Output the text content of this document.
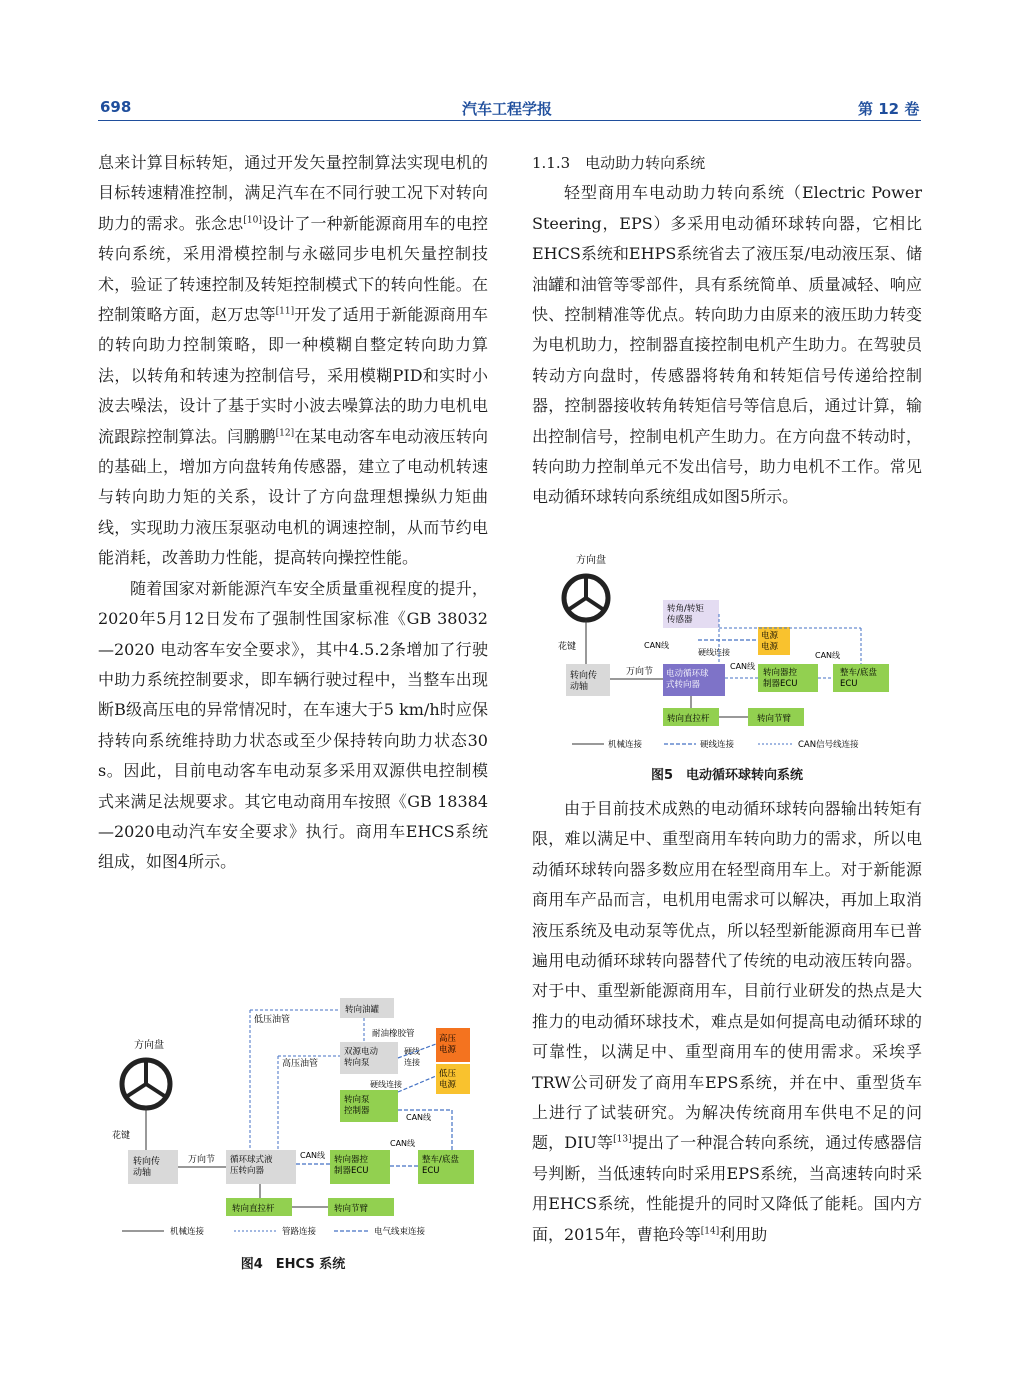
698	汽车工程学报	第 12 卷

息来计算目标转矩，通过开发矢量控制算法实现电机的目标转速精准控制，满足汽车在不同行驶工况下对转向助力的需求。张念忠[10]设计了一种新能源商用车的电控转向系统，采用滑模控制与永磁同步电机矢量控制技术，验证了转速控制及转矩控制模式下的转向性能。在控制策略方面，赵万忠等[11]开发了适用于新能源商用车的转向助力控制策略，即一种模糊自整定转向助力算法，以转角和转速为控制信号，采用模糊PID和实时小波去噪法，设计了基于实时小波去噪算法的助力电机电流跟踪控制算法。闫鹏鹏[12]在某电动客车电动液压转向的基础上，增加方向盘转角传感器，建立了电动机转速与转向助力矩的关系，设计了方向盘理想操纵力矩曲线，实现助力液压泵驱动电机的调速控制，从而节约电能消耗，改善助力性能，提高转向操控性能。

随着国家对新能源汽车安全质量重视程度的提升，2020年5月12日发布了强制性国家标准《GB 38032—2020 电动客车安全要求》，其中4.5.2条增加了行驶中助力系统控制要求，即车辆行驶过程中，当整车出现断B级高压电的异常情况时，在车速大于5 km/h时应保持转向系统维持助力状态或至少保持转向助力状态30 s。因此，目前电动客车电动泵多采用双源供电控制模式来满足法规要求。其它电动商用车按照《GB 18384—2020电动汽车安全要求》执行。商用车EHCS系统组成，如图4所示。

1.1.3　电动助力转向系统

轻型商用车电动助力转向系统（Electric Power Steering，EPS）多采用电动循环球转向器，它相比EHCS系统和EHPS系统省去了液压泵/电动液压泵、储油罐和油管等零部件，具有系统简单、质量减轻、响应快、控制精准等优点。转向助力由原来的液压助力转变为电机助力，控制器直接控制电机产生助力。在驾驶员转动方向盘时，传感器将转角和转矩信号传递给控制器，控制器接收转角转矩信号等信息后，通过计算，输出控制信号，控制电机产生助力。在方向盘不转动时，转向助力控制单元不发出信号，助力电机不工作。常见电动循环球转向系统组成如图5所示。

由于目前技术成熟的电动循环球转向器输出转矩有限，难以满足中、重型商用车转向助力的需求，所以电动循环球转向器多数应用在轻型商用车上。对于新能源商用车产品而言，电机用电需求可以解决，再加上取消液压系统及电动泵等优点，所以轻型新能源商用车已普遍用电动循环球转向器替代了传统的电动液压转向器。对于中、重型新能源商用车，目前行业研发的热点是大推力的电动循环球技术，难点是如何提高电动循环球的可靠性，以满足中、重型商用车的使用需求。采埃孚TRW公司研发了商用车EPS系统，并在中、重型货车上进行了试装研究。为解决传统商用车供电不足的问题，DIU等[13]提出了一种混合转向系统，通过传感器信号判断，当低速转向时采用EPS系统，当高速转向时采用EHCS系统，性能提升的同时又降低了能耗。国内方面，2015年，曹艳玲等[14]利用助

方向盘
花键
转向传动轴
万向节
转角/转矩传感器
CAN线
硬线连接
电源电源
电动循环球式转向器
CAN线
转向器控制器ECU
CAN线
整车/底盘 ECU
转向直拉杆	转向节臂
机械连接	硬线连接	CAN信号线连接
图5　电动循环球转向系统
方向盘
花键
转向传动轴
万向节 循环球式液压转向器
低压油管
高压油管
转向油罐
耐油橡胶管
双源电动转向泵
硬线连接
高压电源
低压电源
硬线连接
转向泵控制器
CAN线
CAN线 转向器控制器ECU
CAN线
整车/底盘 ECU
转向直拉杆	转向节臂
机械连接	管路连接	电气线束连接
图4　EHCS 系统
